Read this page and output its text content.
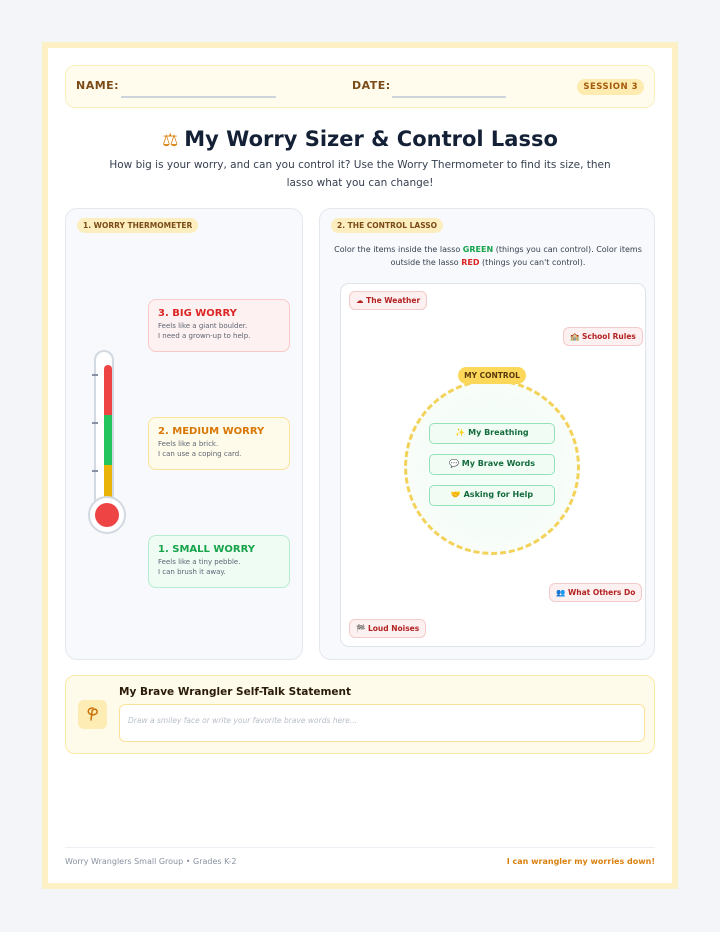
NAME:	DATE:	SESSION 3
⚖ My Worry Sizer & Control Lasso
How big is your worry, and can you control it? Use the Worry Thermometer to find its size, then lasso what you can change!
1. WORRY THERMOMETER
3. BIG WORRY
Feels like a giant boulder.
I need a grown-up to help.
2. MEDIUM WORRY
Feels like a brick.
I can use a coping card.
1. SMALL WORRY
Feels like a tiny pebble.
I can brush it away.
2. THE CONTROL LASSO
Color the items inside the lasso GREEN (things you can control). Color items outside the lasso RED (things you can't control).
☁ The Weather
🏫 School Rules
👥 What Others Do
🏁 Loud Noises
MY CONTROL
✨ My Breathing
💬 My Brave Words
🤝 Asking for Help
My Brave Wrangler Self-Talk Statement
Draw a smiley face or write your favorite brave words here...
Worry Wranglers Small Group • Grades K-2	I can wrangler my worries down!
